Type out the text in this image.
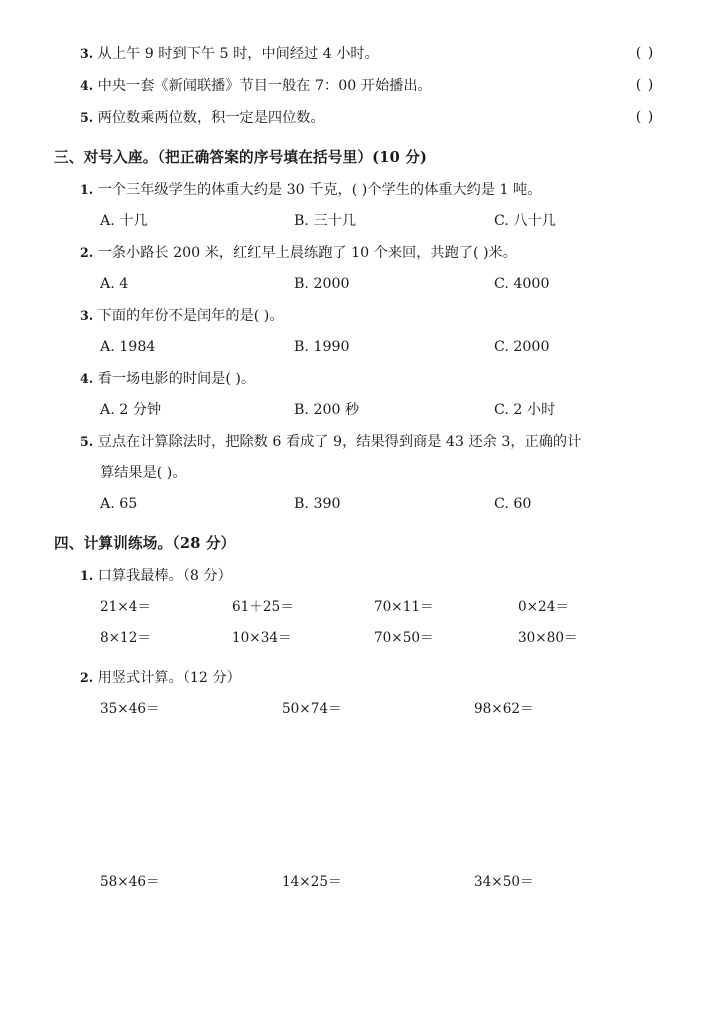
3. 从上午 9 时到下午 5 时，中间经过 4 小时。	( )
4. 中央一套《新闻联播》节目一般在 7：00 开始播出。	( )
5. 两位数乘两位数，积一定是四位数。	( )
三、对号入座。（把正确答案的序号填在括号里）(10 分)
1. 一个三年级学生的体重大约是 30 千克，( )个学生的体重大约是 1 吨。
A. 十几	B. 三十几	C. 八十几
2. 一条小路长 200 米，红红早上晨练跑了 10 个来回，共跑了( )米。
A. 4	B. 2000	C. 4000
3. 下面的年份不是闰年的是( )。
A. 1984	B. 1990	C. 2000
4. 看一场电影的时间是( )。
A. 2 分钟	B. 200 秒	C. 2 小时
5. 豆点在计算除法时，把除数 6 看成了 9，结果得到商是 43 还余 3，正确的计
算结果是( )。
A. 65	B. 390	C. 60
四、计算训练场。（28 分）
1. 口算我最棒。（8 分）
21×4＝	61＋25＝	70×11＝	0×24＝
8×12＝	10×34＝	70×50＝	30×80＝
2. 用竖式计算。（12 分）
35×46＝	50×74＝	98×62＝
58×46＝	14×25＝	34×50＝
